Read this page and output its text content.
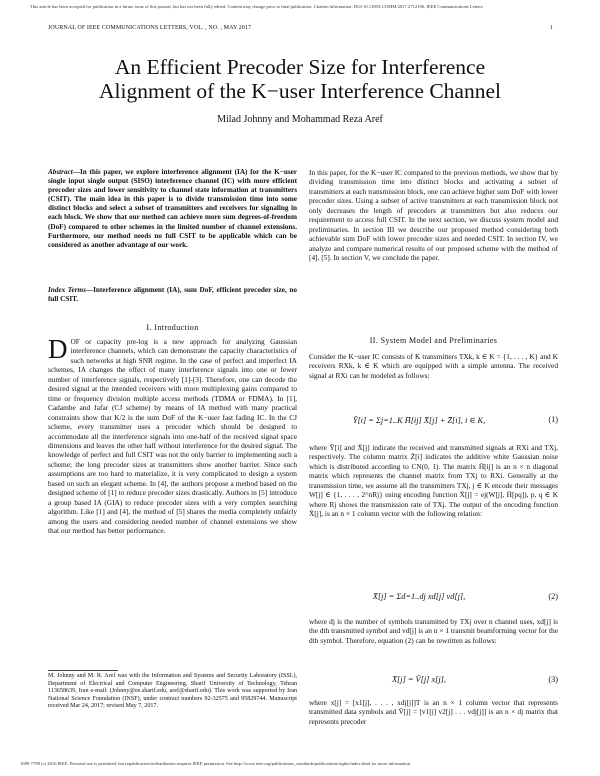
This article has been accepted for publication in a future issue of this journal, but has not been fully edited. Content may change prior to final publication. Citation information: DOI 10.1109/LCOMM.2017.2712196, IEEE Communications Letters
JOURNAL OF IEEE COMMUNICATIONS LETTERS, VOL. , NO. , MAY 2017	1
An Efficient Precoder Size for Interference
Alignment of the K−user Interference Channel
Milad Johnny and Mohammad Reza Aref
Abstract—In this paper, we explore interference alignment (IA) for the K−user single input single output (SISO) interference channel (IC) with more efficient precoder sizes and lower sensitivity to channel state information at transmitters (CSIT). The main idea in this paper is to divide transmission time into some distinct blocks and select a subset of transmitters and receivers for signaling in each block. We show that our method can achieve more sum degrees-of-freedom (DoF) compared to other schemes in the limited number of channel extensions. Furthermore, our method needs no full CSIT to be applicable which can be considered as another advantage of our work.
Index Terms—Interference alignment (IA), sum DoF, efficient precoder size, no full CSIT.
I. Introduction
DOF or capacity pre-log is a new approach for analyzing Gaussian interference channels, which can demonstrate the capacity characteristics of such networks at high SNR regime. In the case of perfect and imperfect IA schemes, IA changes the effect of many interference signals into one or fewer number of interference signals, respectively [1]-[3]. Therefore, one can decode the desired signal at the intended receivers with more multiplexing gains compared to time or frequency division multiple access methods (TDMA or FDMA). In [1], Cadambe and Jafar (CJ scheme) by means of IA method with many practical constraints show that K/2 is the sum DoF of the K−user fast fading IC. In the CJ scheme, every transmitter uses a precoder which should be designed to accommodate all the interference signals into one-half of the received signal space dimensions and leaves the other half without interference for the desired signal. The knowledge of perfect and full CSIT was not the only barrier to implementing such a scheme; the long precoder sizes at transmitters show another barrier. Since such assumptions are too hard to materialize, it is very complicated to design a system based on such an elegant scheme. In [4], the authors propose a method based on the designed scheme of [1] to reduce precoder sizes drastically. Authors in [5] introduce a group based IA (GIA) to reduce precoder sizes with a very complex searching algorithm. Like [1] and [4], the method of [5] shares the media completely unfairly among the users and considering needed number of channel extensions we show that our method has better performance.
M. Johnny and M. R. Aref was with the Information and Systems and Security Laboratory (ISSL), Department of Electrical and Computer Engineering, Sharif University of Technology, Tehran 113658639, Iran e-mail: (Johnny@ee.sharif.edu, aref@sharif.edu). This work was supported by Iran National Science Foundation (INSF), under contract numbers 92-32575 and 95829744. Manuscript received Mar 24, 2017; revised May 7, 2017.
In this paper, for the K−user IC compared to the previous methods, we show that by dividing transmission time into distinct blocks and activating a subset of transmitters at each transmission block, one can achieve higher sum DoF with lower precoder sizes. Using a subset of active transmitters at each transmission block not only decreases the length of precoders at transmitters but also reduces our requirement to access full CSIT. In the next section, we discuss system model and preliminaries. In section III we describe our proposed method considering both achievable sum DoF with lower precoder sizes and needed CSIT. In section IV, we analyze and compare numerical results of our proposed scheme with the method of [4], [5]. In section V, we conclude the paper.
II. System Model and Preliminaries
Consider the K−user IC consists of K transmitters TXk, k ∈ K = {1, . . . , K} and K receivers RXk, k ∈ K which are equipped with a simple antenna. The received signal at RXi can be modeled as follows:
Ȳ[i] = Σj=1..K H̄[ij] X̄[j] + Z̄[i], i ∈ K,	(1)
where Ȳ[i] and X̄[j] indicate the received and transmitted signals at RXi and TXj, respectively. The column matrix Z̄[i] indicates the additive white Gaussian noise which is distributed according to CN(0, 1). The matrix H̄[ij] is an n × n diagonal matrix which represents the channel matrix from TXj to RXi. Generally at the transmission time, we assume all the transmitters TXj, j ∈ K encode their messages W[j] ∈ {1, . . . , 2^nRj} using encoding function X̄[j] = ej(W[j], H̄[pq]), p, q ∈ K where Rj shows the transmission rate of TXj. The output of the encoding function X̄[j], is an n × 1 column vector with the following relation:
X̄[j] = Σd=1..dj xd[j] vd[j],	(2)
where dj is the number of symbols transmitted by TXj over n channel uses, xd[j] is the dth transmitted symbol and vd[j] is an n × 1 transmit beamforming vector for the dth symbol. Therefore, equation (2) can be rewritten as follows:
X̄[j] = V̄[j] x[j],	(3)
where x[j] = [x1[j], . . . , xdj[j]]T is an n × 1 column vector that represents transmitted data symbols and V̄[j] = [v1[j] v2[j] . . . vdj[j]] is an n × dj matrix that represents precoder
1089-7798 (c) 2016 IEEE. Personal use is permitted, but republication/redistribution requires IEEE permission. See http://www.ieee.org/publications_standards/publications/rights/index.html for more information.
